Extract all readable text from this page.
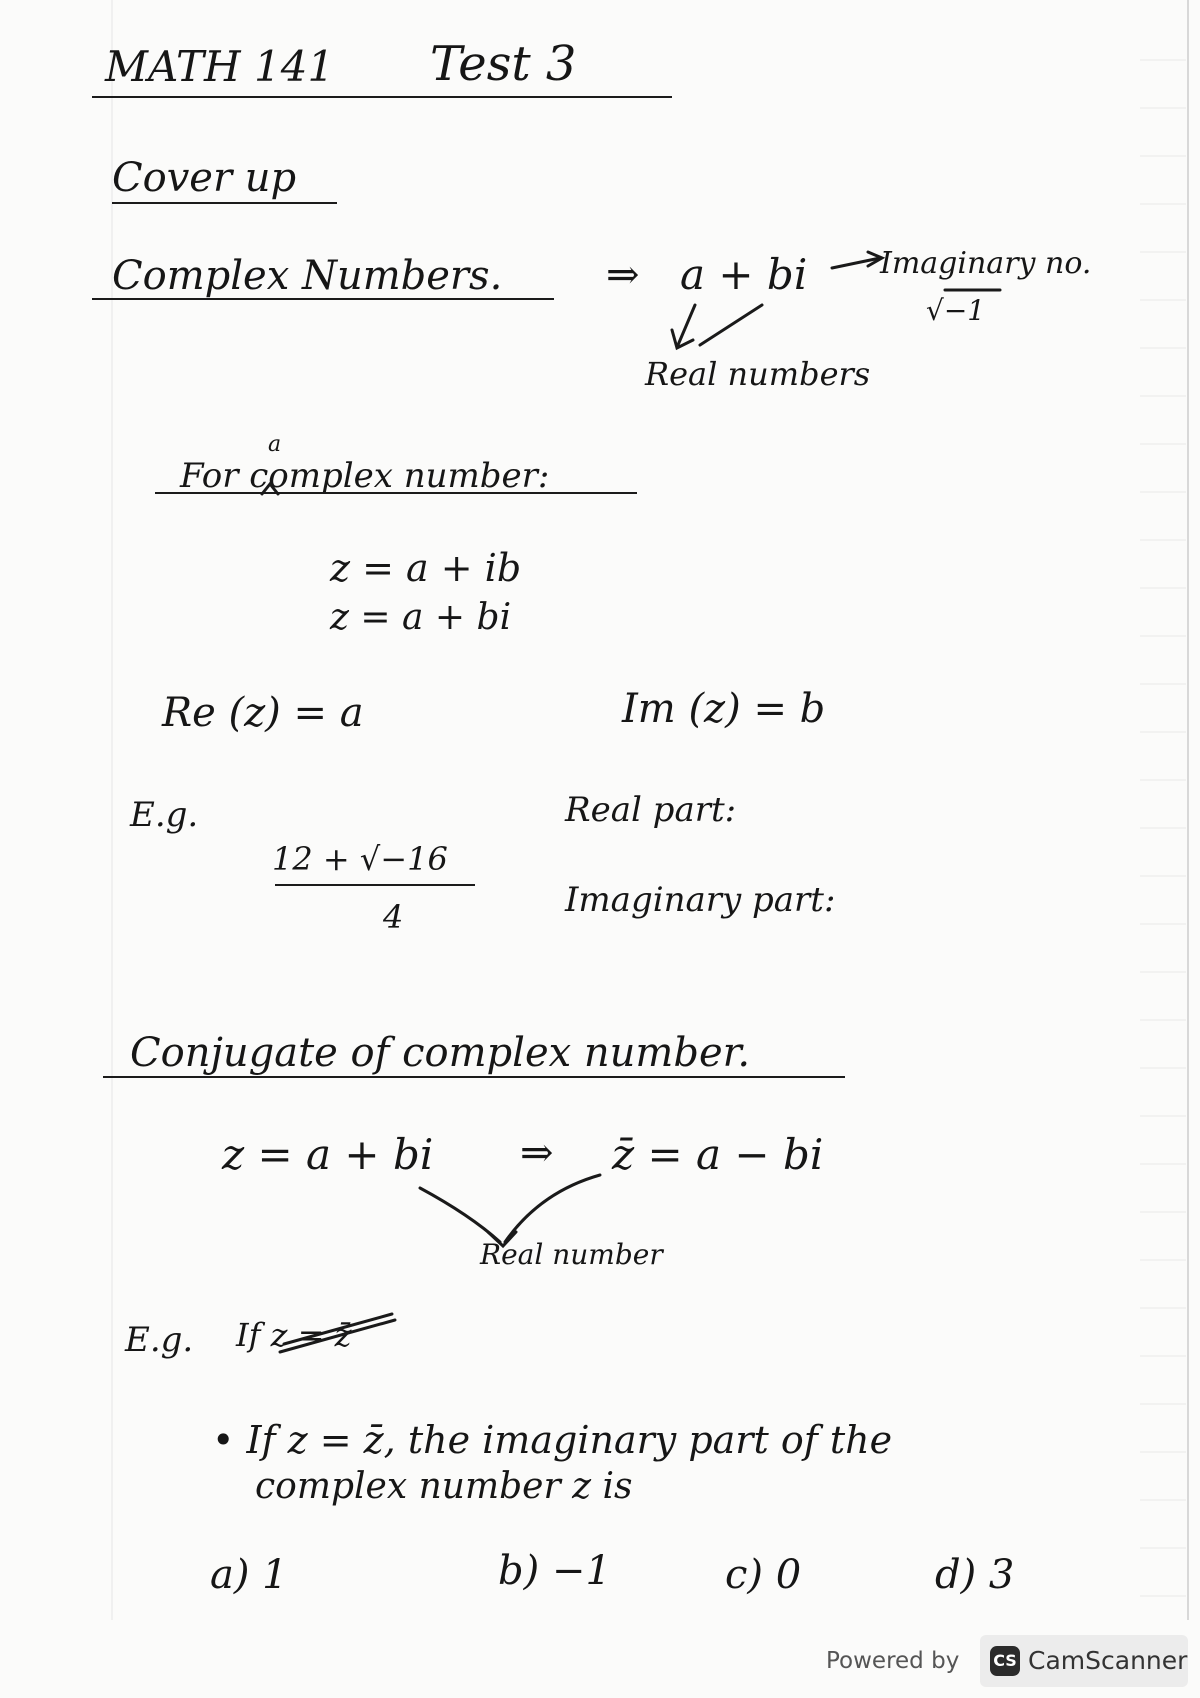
MATH 141 Test 3
Cover up
Complex Numbers.	⇒ a + bi Imaginary no.
√−1
Real numbers
a
For complex number:
z = a + ib
z = a + bi
Re (z) = a	Im (z) = b
E.g.
12 + √−16
4
Real part:
Imaginary part:
Conjugate of complex number.
z = a + bi ⇒ z̄ = a − bi
Real number
E.g. If z = z̄
• If z = z̄, the imaginary part of the
complex number z is
a) 1	b) −1	c) 0	d) 3
Powered by CS CamScanner
